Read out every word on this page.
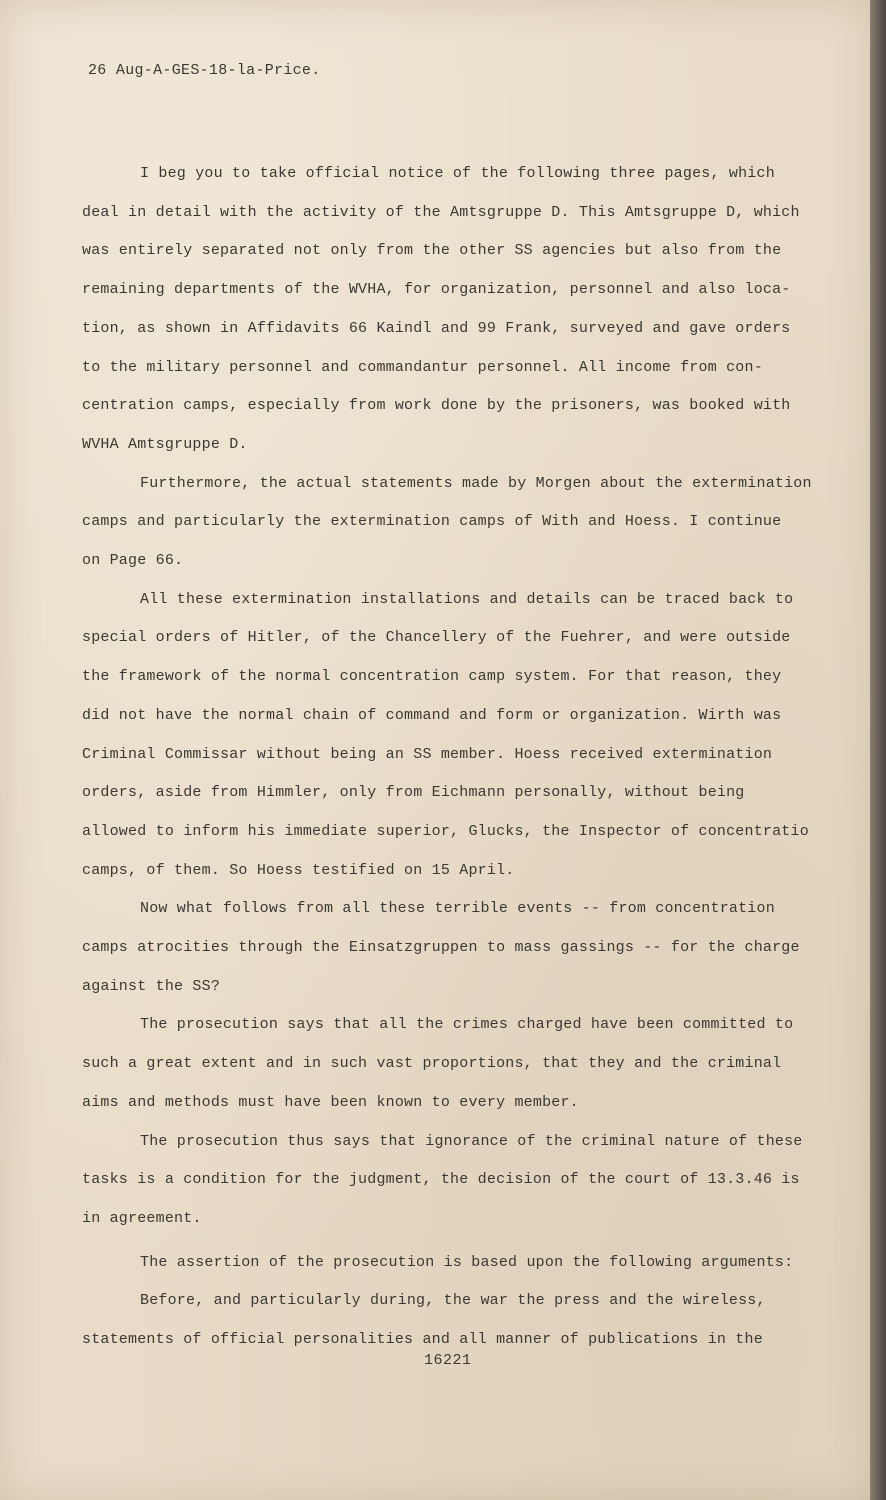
26 Aug-A-GES-18-la-Price.
I beg you to take official notice of the following three pages, which
deal in detail with the activity of the Amtsgruppe D. This Amtsgruppe D, which
was entirely separated not only from the other SS agencies but also from the
remaining departments of the WVHA, for organization, personnel and also loca-
tion, as shown in Affidavits 66 Kaindl and 99 Frank, surveyed and gave orders
to the military personnel and commandantur personnel. All income from con-
centration camps, especially from work done by the prisoners, was booked with
WVHA Amtsgruppe D.
Furthermore, the actual statements made by Morgen about the extermination
camps and particularly the extermination camps of With and Hoess. I continue
on Page 66.
All these extermination installations and details can be traced back to
special orders of Hitler, of the Chancellery of the Fuehrer, and were outside
the framework of the normal concentration camp system. For that reason, they
did not have the normal chain of command and form or organization. Wirth was
Criminal Commissar without being an SS member. Hoess received extermination
orders, aside from Himmler, only from Eichmann personally, without being
allowed to inform his immediate superior, Glucks, the Inspector of concentratio
camps, of them. So Hoess testified on 15 April.
Now what follows from all these terrible events -- from concentration
camps atrocities through the Einsatzgruppen to mass gassings -- for the charge
against the SS?
The prosecution says that all the crimes charged have been committed to
such a great extent and in such vast proportions, that they and the criminal
aims and methods must have been known to every member.
The prosecution thus says that ignorance of the criminal nature of these
tasks is a condition for the judgment, the decision of the court of 13.3.46 is
in agreement.
The assertion of the prosecution is based upon the following arguments:
Before, and particularly during, the war the press and the wireless,
statements of official personalities and all manner of publications in the
16221
